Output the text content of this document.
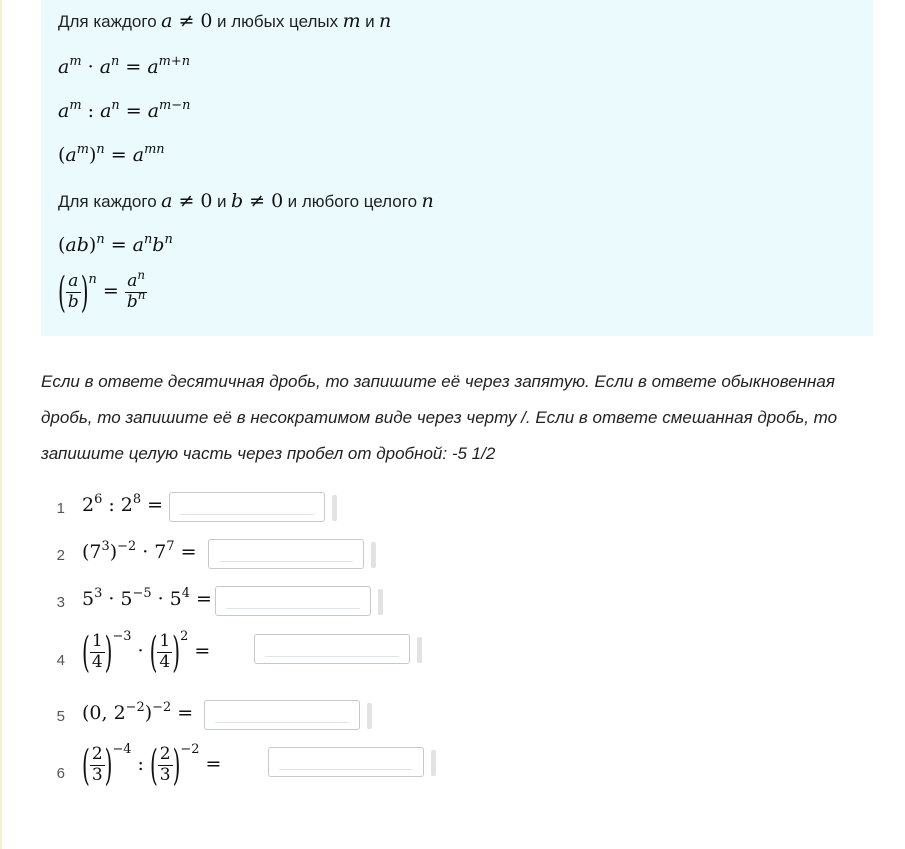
Для каждого a ≠ 0 и любых целых m и n
$a^m \cdot a^n = a^{m+n}$
$a^m$ : $a^n = a^{m-n}$
$(a^m)^n = a^{mn}$
Для каждого a ≠ 0 и b ≠ 0 и любого целого n
$(ab)^n = a^nb^n$
( $\frac{a}{b} )^n = \frac{a^n}{b^n}$
Если в ответе десятичная дробь, то запишите её через запятую. Если в ответе обыкновенная дробь, то запишите её в несократимом виде через черту /. Если в ответе смешанная дробь, то запишите целую часть через пробел от дробной: -5 1/2
1 $2^6$ : $2^8$ =
2 $(7^3)^{-2} \cdot 7^7$ =
3 $5^3 \cdot 5^{-5} \cdot 5^4$ =
4 ( $\frac{1}{4} )^{-3}$ · ( $\frac{1}{4} )^2$ =
5 (0, $2^{-2})^{-2}$ =
6 ( $\frac{2}{3} )^{-4}$ : ( $\frac{2}{3} )^{-2}$ =
